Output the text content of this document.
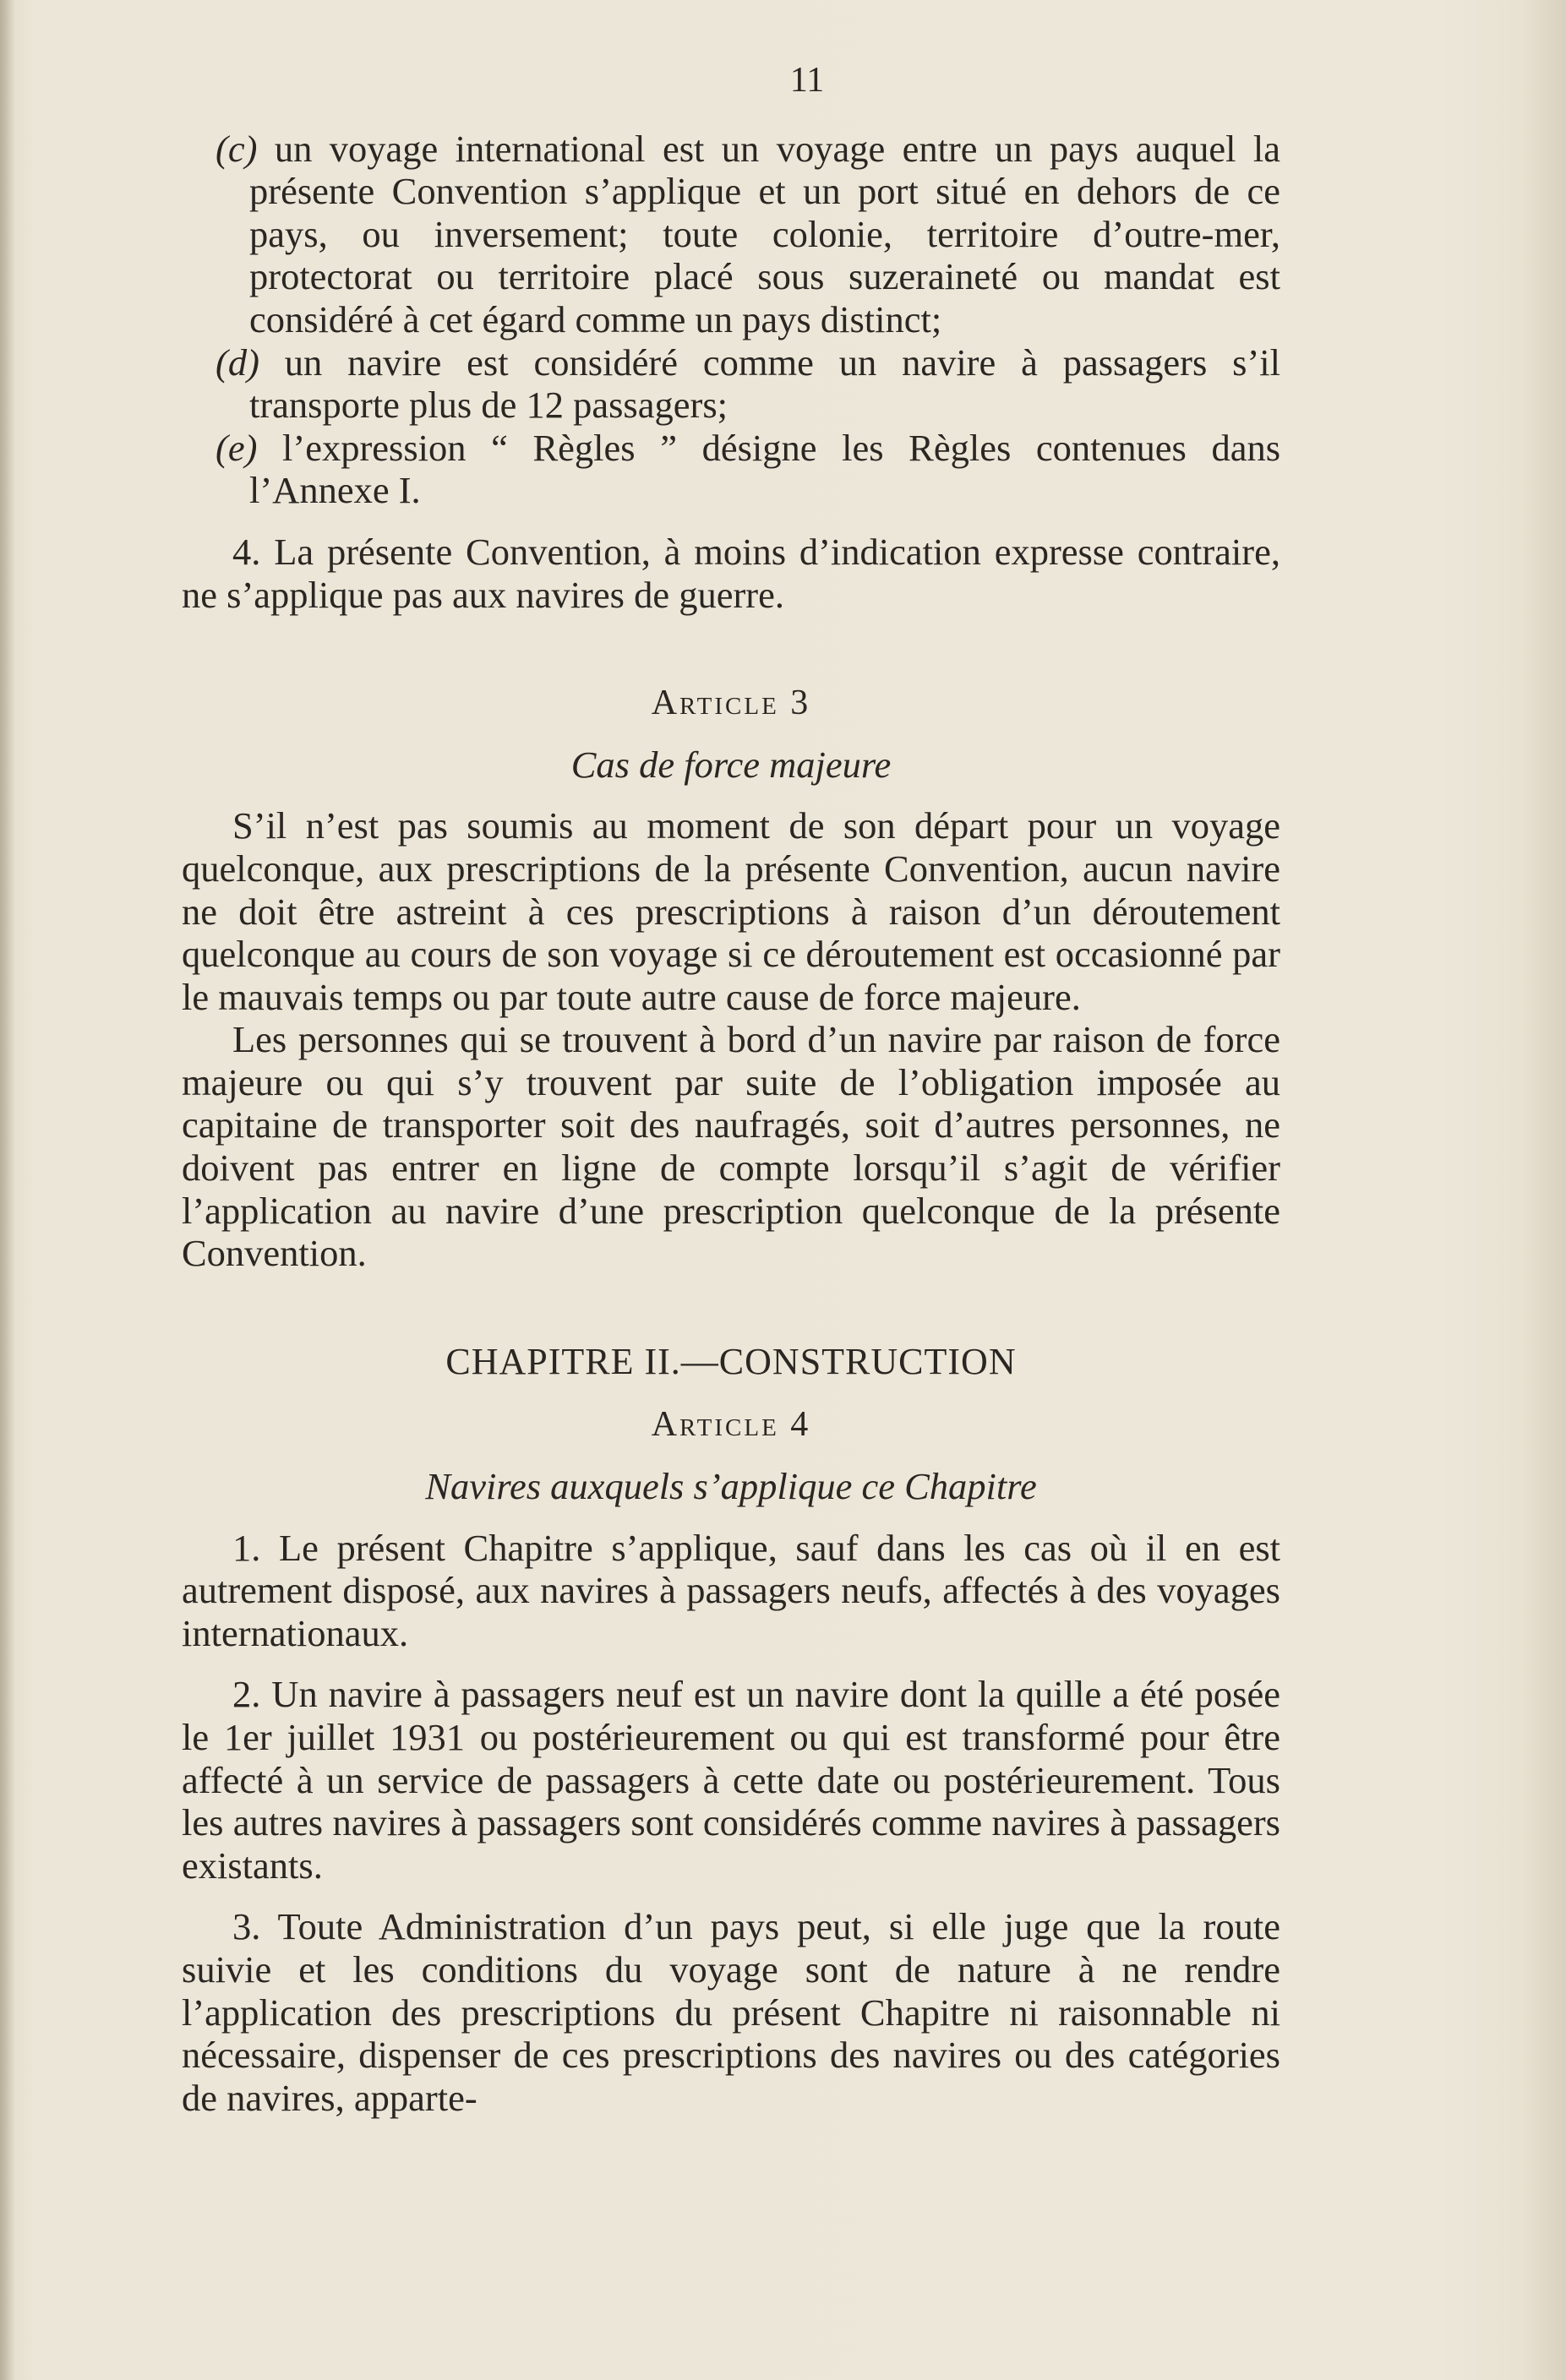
11

(c) un voyage international est un voyage entre un pays auquel la présente Convention s’applique et un port situé en dehors de ce pays, ou inversement; toute colonie, territoire d’outre-mer, protectorat ou territoire placé sous suzeraineté ou mandat est considéré à cet égard comme un pays distinct;

(d) un navire est considéré comme un navire à passagers s’il transporte plus de 12 passagers;

(e) l’expression “ Règles ” désigne les Règles contenues dans l’Annexe I.

4. La présente Convention, à moins d’indication expresse contraire, ne s’applique pas aux navires de guerre.

Article 3
Cas de force majeure

S’il n’est pas soumis au moment de son départ pour un voyage quelconque, aux prescriptions de la présente Convention, aucun navire ne doit être astreint à ces prescriptions à raison d’un déroutement quelconque au cours de son voyage si ce déroutement est occasionné par le mauvais temps ou par toute autre cause de force majeure.

Les personnes qui se trouvent à bord d’un navire par raison de force majeure ou qui s’y trouvent par suite de l’obligation imposée au capitaine de transporter soit des naufragés, soit d’autres personnes, ne doivent pas entrer en ligne de compte lorsqu’il s’agit de vérifier l’application au navire d’une prescription quelconque de la présente Convention.

CHAPITRE II.—CONSTRUCTION
Article 4
Navires auxquels s’applique ce Chapitre

1. Le présent Chapitre s’applique, sauf dans les cas où il en est autrement disposé, aux navires à passagers neufs, affectés à des voyages internationaux.

2. Un navire à passagers neuf est un navire dont la quille a été posée le 1er juillet 1931 ou postérieurement ou qui est transformé pour être affecté à un service de passagers à cette date ou postérieurement. Tous les autres navires à passagers sont considérés comme navires à passagers existants.

3. Toute Administration d’un pays peut, si elle juge que la route suivie et les conditions du voyage sont de nature à ne rendre l’application des prescriptions du présent Chapitre ni raisonnable ni nécessaire, dispenser de ces prescriptions des navires ou des catégories de navires, apparte-
